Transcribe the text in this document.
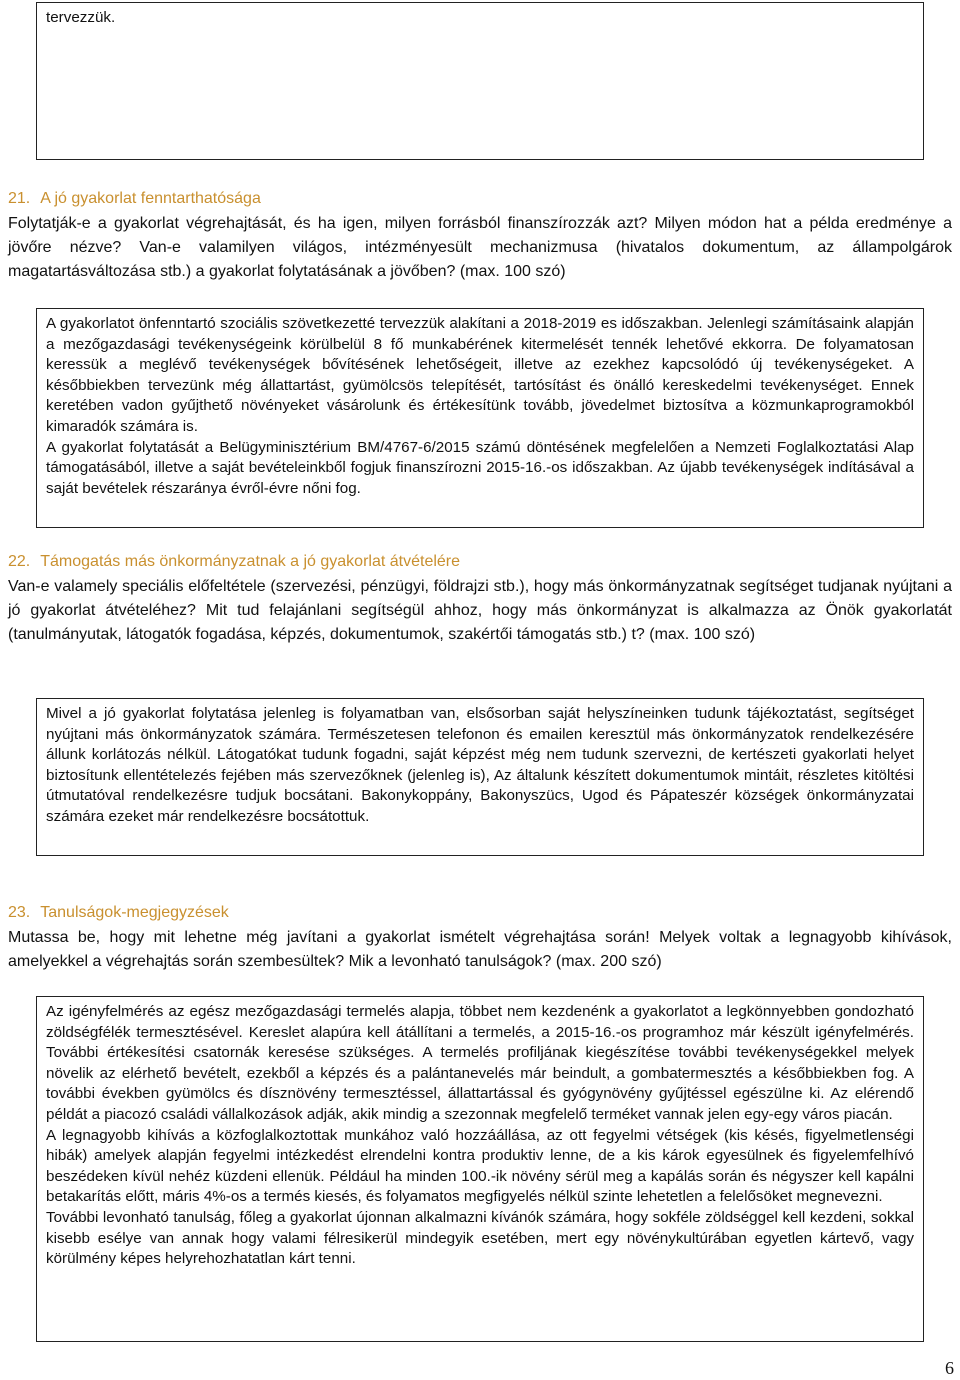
tervezzük.

21. A jó gyakorlat fenntarthatósága

Folytatják-e a gyakorlat végrehajtását, és ha igen, milyen forrásból finanszírozzák azt? Milyen módon hat a példa eredménye a jövőre nézve? Van-e valamilyen világos, intézményesült mechanizmusa (hivatalos dokumentum, az állampolgárok magatartásváltozása stb.) a gyakorlat folytatásának a jövőben? (max. 100 szó)

A gyakorlatot önfenntartó szociális szövetkezetté tervezzük alakítani a 2018-2019 es időszakban. Jelenlegi számításaink alapján a mezőgazdasági tevékenységeink körülbelül 8 fő munkabérének kitermelését tennék lehetővé ekkorra. De folyamatosan keressük a meglévő tevékenységek bővítésének lehetőségeit, illetve az ezekhez kapcsolódó új tevékenységeket. A későbbiekben tervezünk még állattartást, gyümölcsös telepítését, tartósítást és önálló kereskedelmi tevékenységet. Ennek keretében vadon gyűjthető növényeket vásárolunk és értékesítünk tovább, jövedelmet biztosítva a közmunkaprogramokból kimaradók számára is.

A gyakorlat folytatását a Belügyminisztérium BM/4767-6/2015 számú döntésének megfelelően a Nemzeti Foglalkoztatási Alap támogatásából, illetve a saját bevételeinkből fogjuk finanszírozni 2015-16.-os időszakban. Az újabb tevékenységek indításával a saját bevételek részaránya évről-évre nőni fog.

22. Támogatás más önkormányzatnak a jó gyakorlat átvételére

Van-e valamely speciális előfeltétele (szervezési, pénzügyi, földrajzi stb.), hogy más önkormányzatnak segítséget tudjanak nyújtani a jó gyakorlat átvételéhez? Mit tud felajánlani segítségül ahhoz, hogy más önkormányzat is alkalmazza az Önök gyakorlatát (tanulmányutak, látogatók fogadása, képzés, dokumentumok, szakértői támogatás stb.) t? (max. 100 szó)

Mivel a jó gyakorlat folytatása jelenleg is folyamatban van, elsősorban saját helyszíneinken tudunk tájékoztatást, segítséget nyújtani más önkormányzatok számára. Természetesen telefonon és emailen keresztül más önkormányzatok rendelkezésére állunk korlátozás nélkül. Látogatókat tudunk fogadni, saját képzést még nem tudunk szervezni, de kertészeti gyakorlati helyet biztosítunk ellentételezés fejében más szervezőknek (jelenleg is), Az általunk készített dokumentumok mintáit, részletes kitöltési útmutatóval rendelkezésre tudjuk bocsátani. Bakonykoppány, Bakonyszücs, Ugod és Pápateszér községek önkormányzatai számára ezeket már rendelkezésre bocsátottuk.

23. Tanulságok-megjegyzések

Mutassa be, hogy mit lehetne még javítani a gyakorlat ismételt végrehajtása során! Melyek voltak a legnagyobb kihívások, amelyekkel a végrehajtás során szembesültek? Mik a levonható tanulságok? (max. 200 szó)

Az igényfelmérés az egész mezőgazdasági termelés alapja, többet nem kezdenénk a gyakorlatot a legkönnyebben gondozható zöldségfélék termesztésével. Kereslet alapúra kell átállítani a termelés, a 2015-16.-os programhoz már készült igényfelmérés. További értékesítési csatornák keresése szükséges. A termelés profiljának kiegészítése további tevékenységekkel melyek növelik az elérhető bevételt, ezekből a képzés és a palántanevelés már beindult, a gombatermesztés a későbbiekben fog. A további években gyümölcs és dísznövény termesztéssel, állattartással és gyógynövény gyűjtéssel egészülne ki. Az elérendő példát a piacozó családi vállalkozások adják, akik mindig a szezonnak megfelelő terméket vannak jelen egy-egy város piacán.

A legnagyobb kihívás a közfoglalkoztottak munkához való hozzáállása, az ott fegyelmi vétségek (kis késés, figyelmetlenségi hibák) amelyek alapján fegyelmi intézkedést elrendelni kontra produktiv lenne, de a kis károk egyesülnek és figyelemfelhívó beszédeken kívül nehéz küzdeni ellenük. Például ha minden 100.-ik növény sérül meg a kapálás során és négyszer kell kapálni betakarítás előtt, máris 4%-os a termés kiesés, és folyamatos megfigyelés nélkül szinte lehetetlen a felelősöket megnevezni.

További levonható tanulság, főleg a gyakorlat újonnan alkalmazni kívánók számára, hogy sokféle zöldséggel kell kezdeni, sokkal kisebb esélye van annak hogy valami félresikerül mindegyik esetében, mert egy növénykultúrában egyetlen kártevő, vagy körülmény képes helyrehozhatatlan kárt tenni.

6
